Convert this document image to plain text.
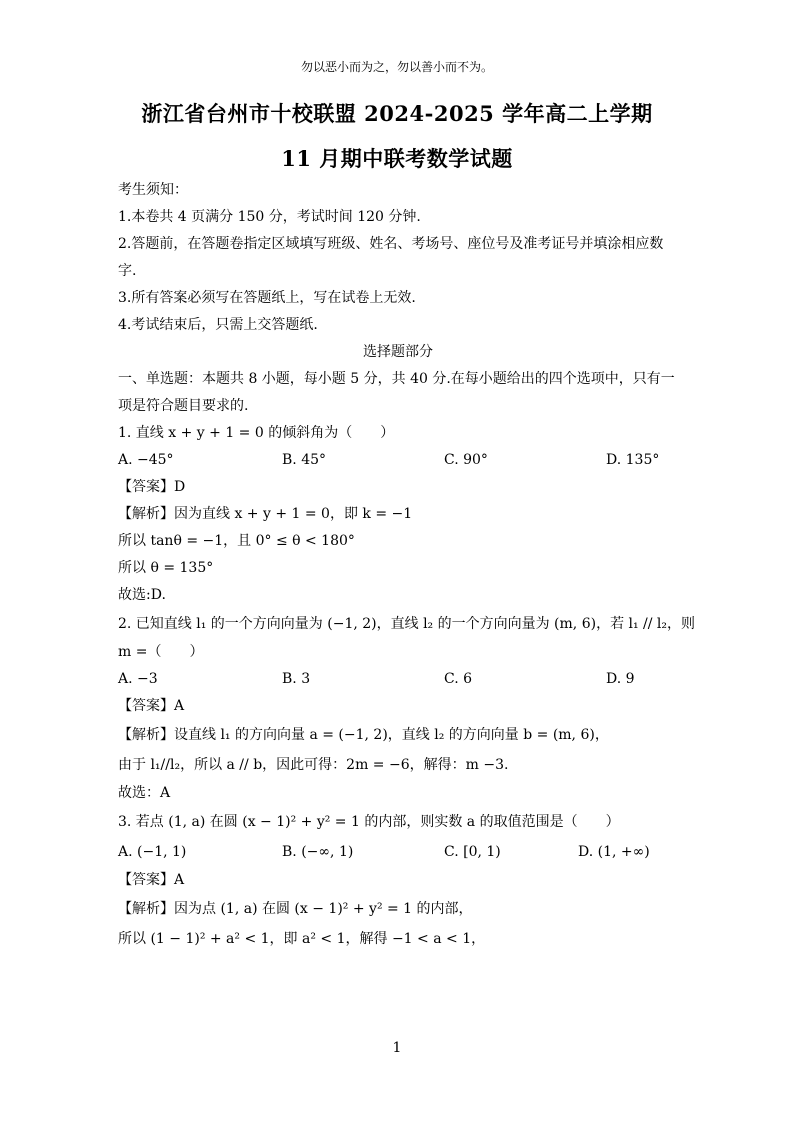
勿以恶小而为之，勿以善小而不为。
浙江省台州市十校联盟 2024-2025 学年高二上学期
11 月期中联考数学试题
考生须知：
1.本卷共 4 页满分 150 分，考试时间 120 分钟.
2.答题前，在答题卷指定区域填写班级、姓名、考场号、座位号及准考证号并填涂相应数
字.
3.所有答案必须写在答题纸上，写在试卷上无效.
4.考试结束后，只需上交答题纸.
选择题部分
一、单选题：本题共 8 小题，每小题 5 分，共 40 分.在每小题给出的四个选项中，只有一
项是符合题目要求的.
1. 直线 x + y + 1 = 0 的倾斜角为（　　）
A. −45°	B. 45°	C. 90°	D. 135°
【答案】D
【解析】因为直线 x + y + 1 = 0，即 k = −1
所以 tanθ = −1，且 0° ≤ θ < 180°
所以 θ = 135°
故选:D.
2. 已知直线 l₁ 的一个方向向量为 (−1, 2)，直线 l₂ 的一个方向向量为 (m, 6)，若 l₁ // l₂，则
m =（　　）
A. −3	B. 3	C. 6	D. 9
【答案】A
【解析】设直线 l₁ 的方向向量 a = (−1, 2)，直线 l₂ 的方向向量 b = (m, 6)，
由于 l₁//l₂，所以 a // b，因此可得：2m = −6，解得：m −3.
故选：A
3. 若点 (1, a) 在圆 (x − 1)² + y² = 1 的内部，则实数 a 的取值范围是（　　）
A. (−1, 1)	B. (−∞, 1)	C. [0, 1)	D. (1, +∞)
【答案】A
【解析】因为点 (1, a) 在圆 (x − 1)² + y² = 1 的内部，
所以 (1 − 1)² + a² < 1，即 a² < 1，解得 −1 < a < 1，
1
